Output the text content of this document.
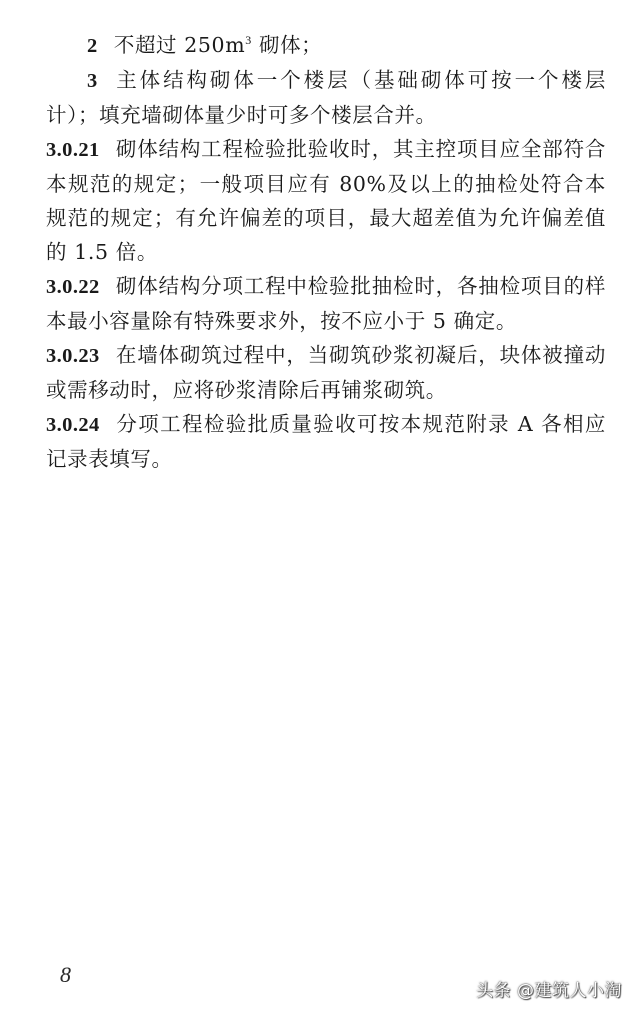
2 不超过 $250m^3$ 砌体；

3 主体结构砌体一个楼层（基础砌体可按一个楼层计）；填充墙砌体量少时可多个楼层合并。

3.0.21 砌体结构工程检验批验收时，其主控项目应全部符合本规范的规定；一般项目应有 80%及以上的抽检处符合本规范的规定；有允许偏差的项目，最大超差值为允许偏差值的 1.5 倍。

3.0.22 砌体结构分项工程中检验批抽检时，各抽检项目的样本最小容量除有特殊要求外，按不应小于 5 确定。

3.0.23 在墙体砌筑过程中，当砌筑砂浆初凝后，块体被撞动或需移动时，应将砂浆清除后再铺浆砌筑。

3.0.24 分项工程检验批质量验收可按本规范附录 A 各相应记录表填写。

8
头条 @建筑人小淘
